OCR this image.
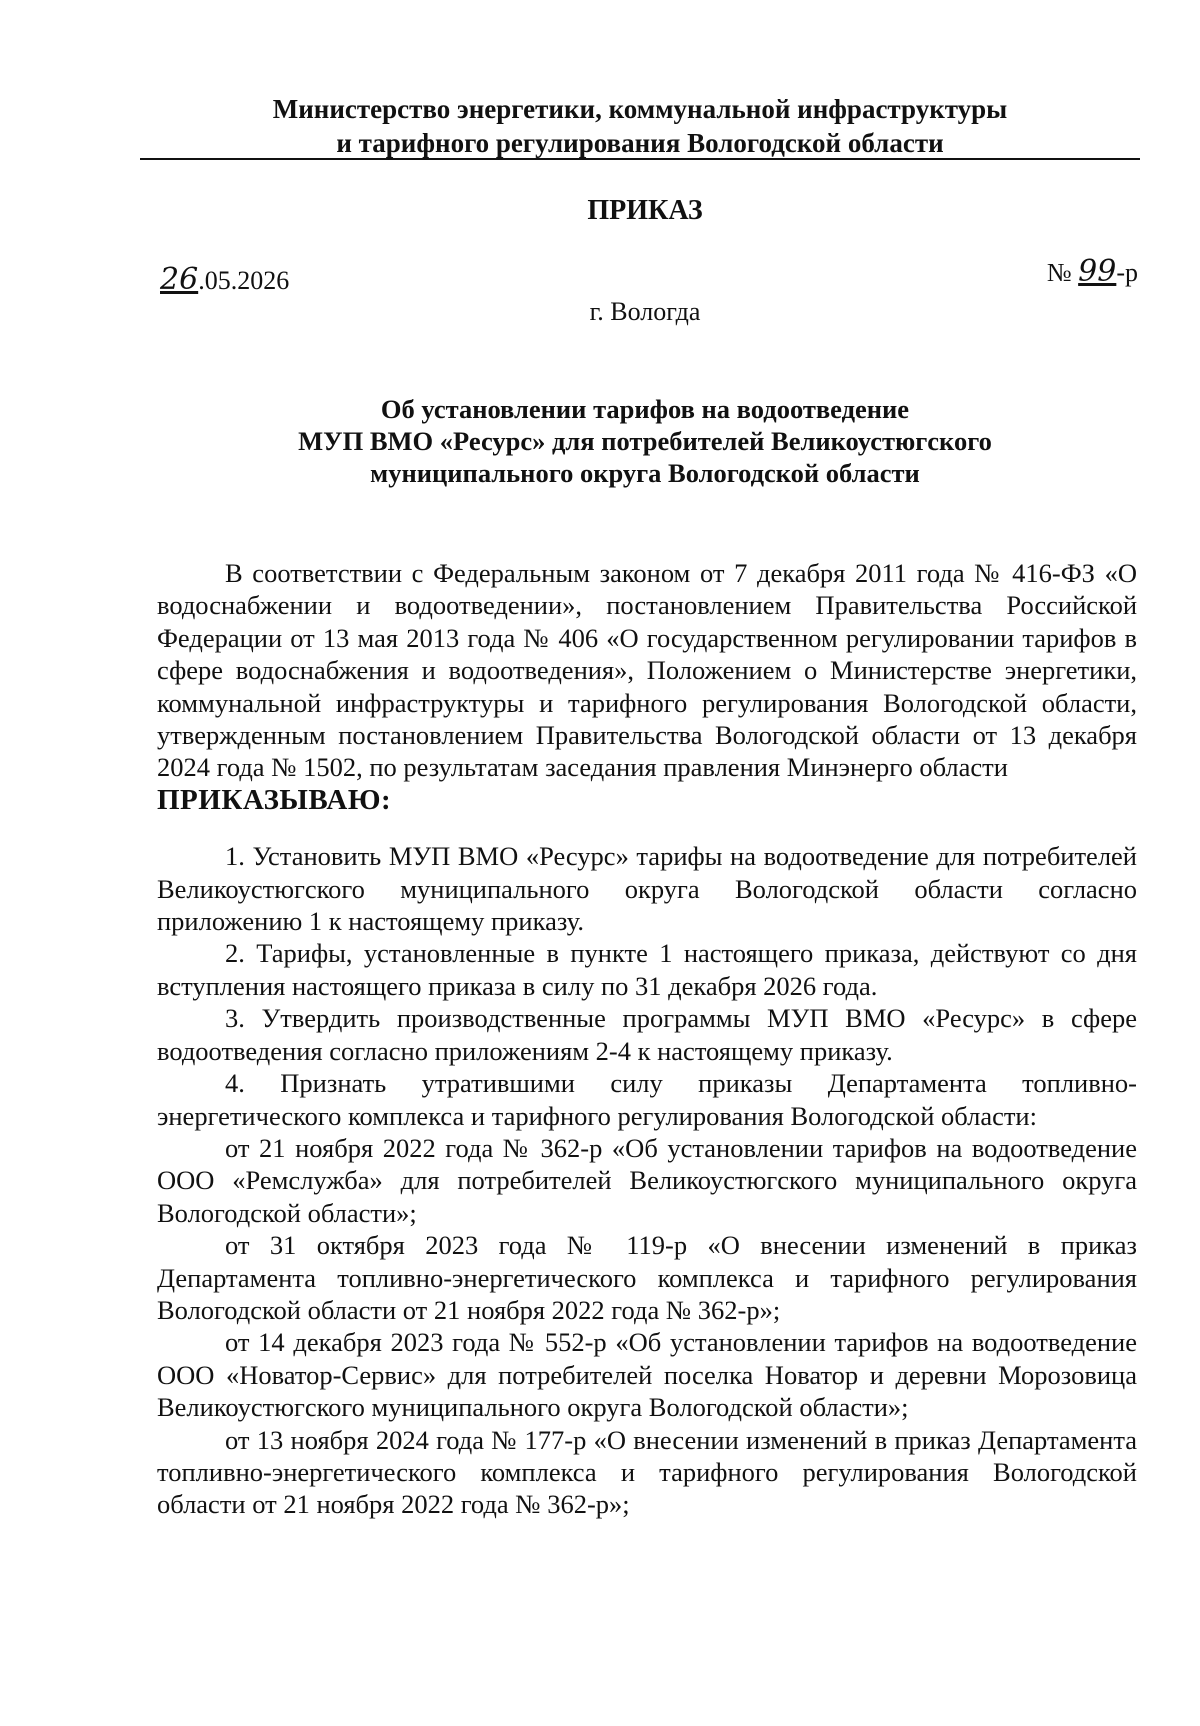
Министерство энергетики, коммунальной инфраструктуры
и тарифного регулирования Вологодской области
ПРИКАЗ
26.05.2026	№ 99-р
г. Вологда
Об установлении тарифов на водоотведение
МУП ВМО «Ресурс» для потребителей Великоустюгского
муниципального округа Вологодской области

В соответствии с Федеральным законом от 7 декабря 2011 года № 416-ФЗ «О водоснабжении и водоотведении», постановлением Правительства Российской Федерации от 13 мая 2013 года № 406 «О государственном регулировании тарифов в сфере водоснабжения и водоотведения», Положением о Министерстве энергетики, коммунальной инфраструктуры и тарифного регулирования Вологодской области, утвержденным постановлением Правительства Вологодской области от 13 декабря 2024 года № 1502, по результатам заседания правления Минэнерго области

ПРИКАЗЫВАЮ:

1. Установить МУП ВМО «Ресурс» тарифы на водоотведение для потребителей Великоустюгского муниципального округа Вологодской области согласно приложению 1 к настоящему приказу.

2. Тарифы, установленные в пункте 1 настоящего приказа, действуют со дня вступления настоящего приказа в силу по 31 декабря 2026 года.

3. Утвердить производственные программы МУП ВМО «Ресурс» в сфере водоотведения согласно приложениям 2-4 к настоящему приказу.

4. Признать утратившими силу приказы Департамента топливно-энергетического комплекса и тарифного регулирования Вологодской области:

от 21 ноября 2022 года № 362-р «Об установлении тарифов на водоотведение ООО «Ремслужба» для потребителей Великоустюгского муниципального округа Вологодской области»;

от 31 октября 2023 года № 119-р «О внесении изменений в приказ Департамента топливно-энергетического комплекса и тарифного регулирования Вологодской области от 21 ноября 2022 года № 362-р»;

от 14 декабря 2023 года № 552-р «Об установлении тарифов на водоотведение ООО «Новатор-Сервис» для потребителей поселка Новатор и деревни Морозовица Великоустюгского муниципального округа Вологодской области»;

от 13 ноября 2024 года № 177-р «О внесении изменений в приказ Департамента топливно-энергетического комплекса и тарифного регулирования Вологодской области от 21 ноября 2022 года № 362-р»;
